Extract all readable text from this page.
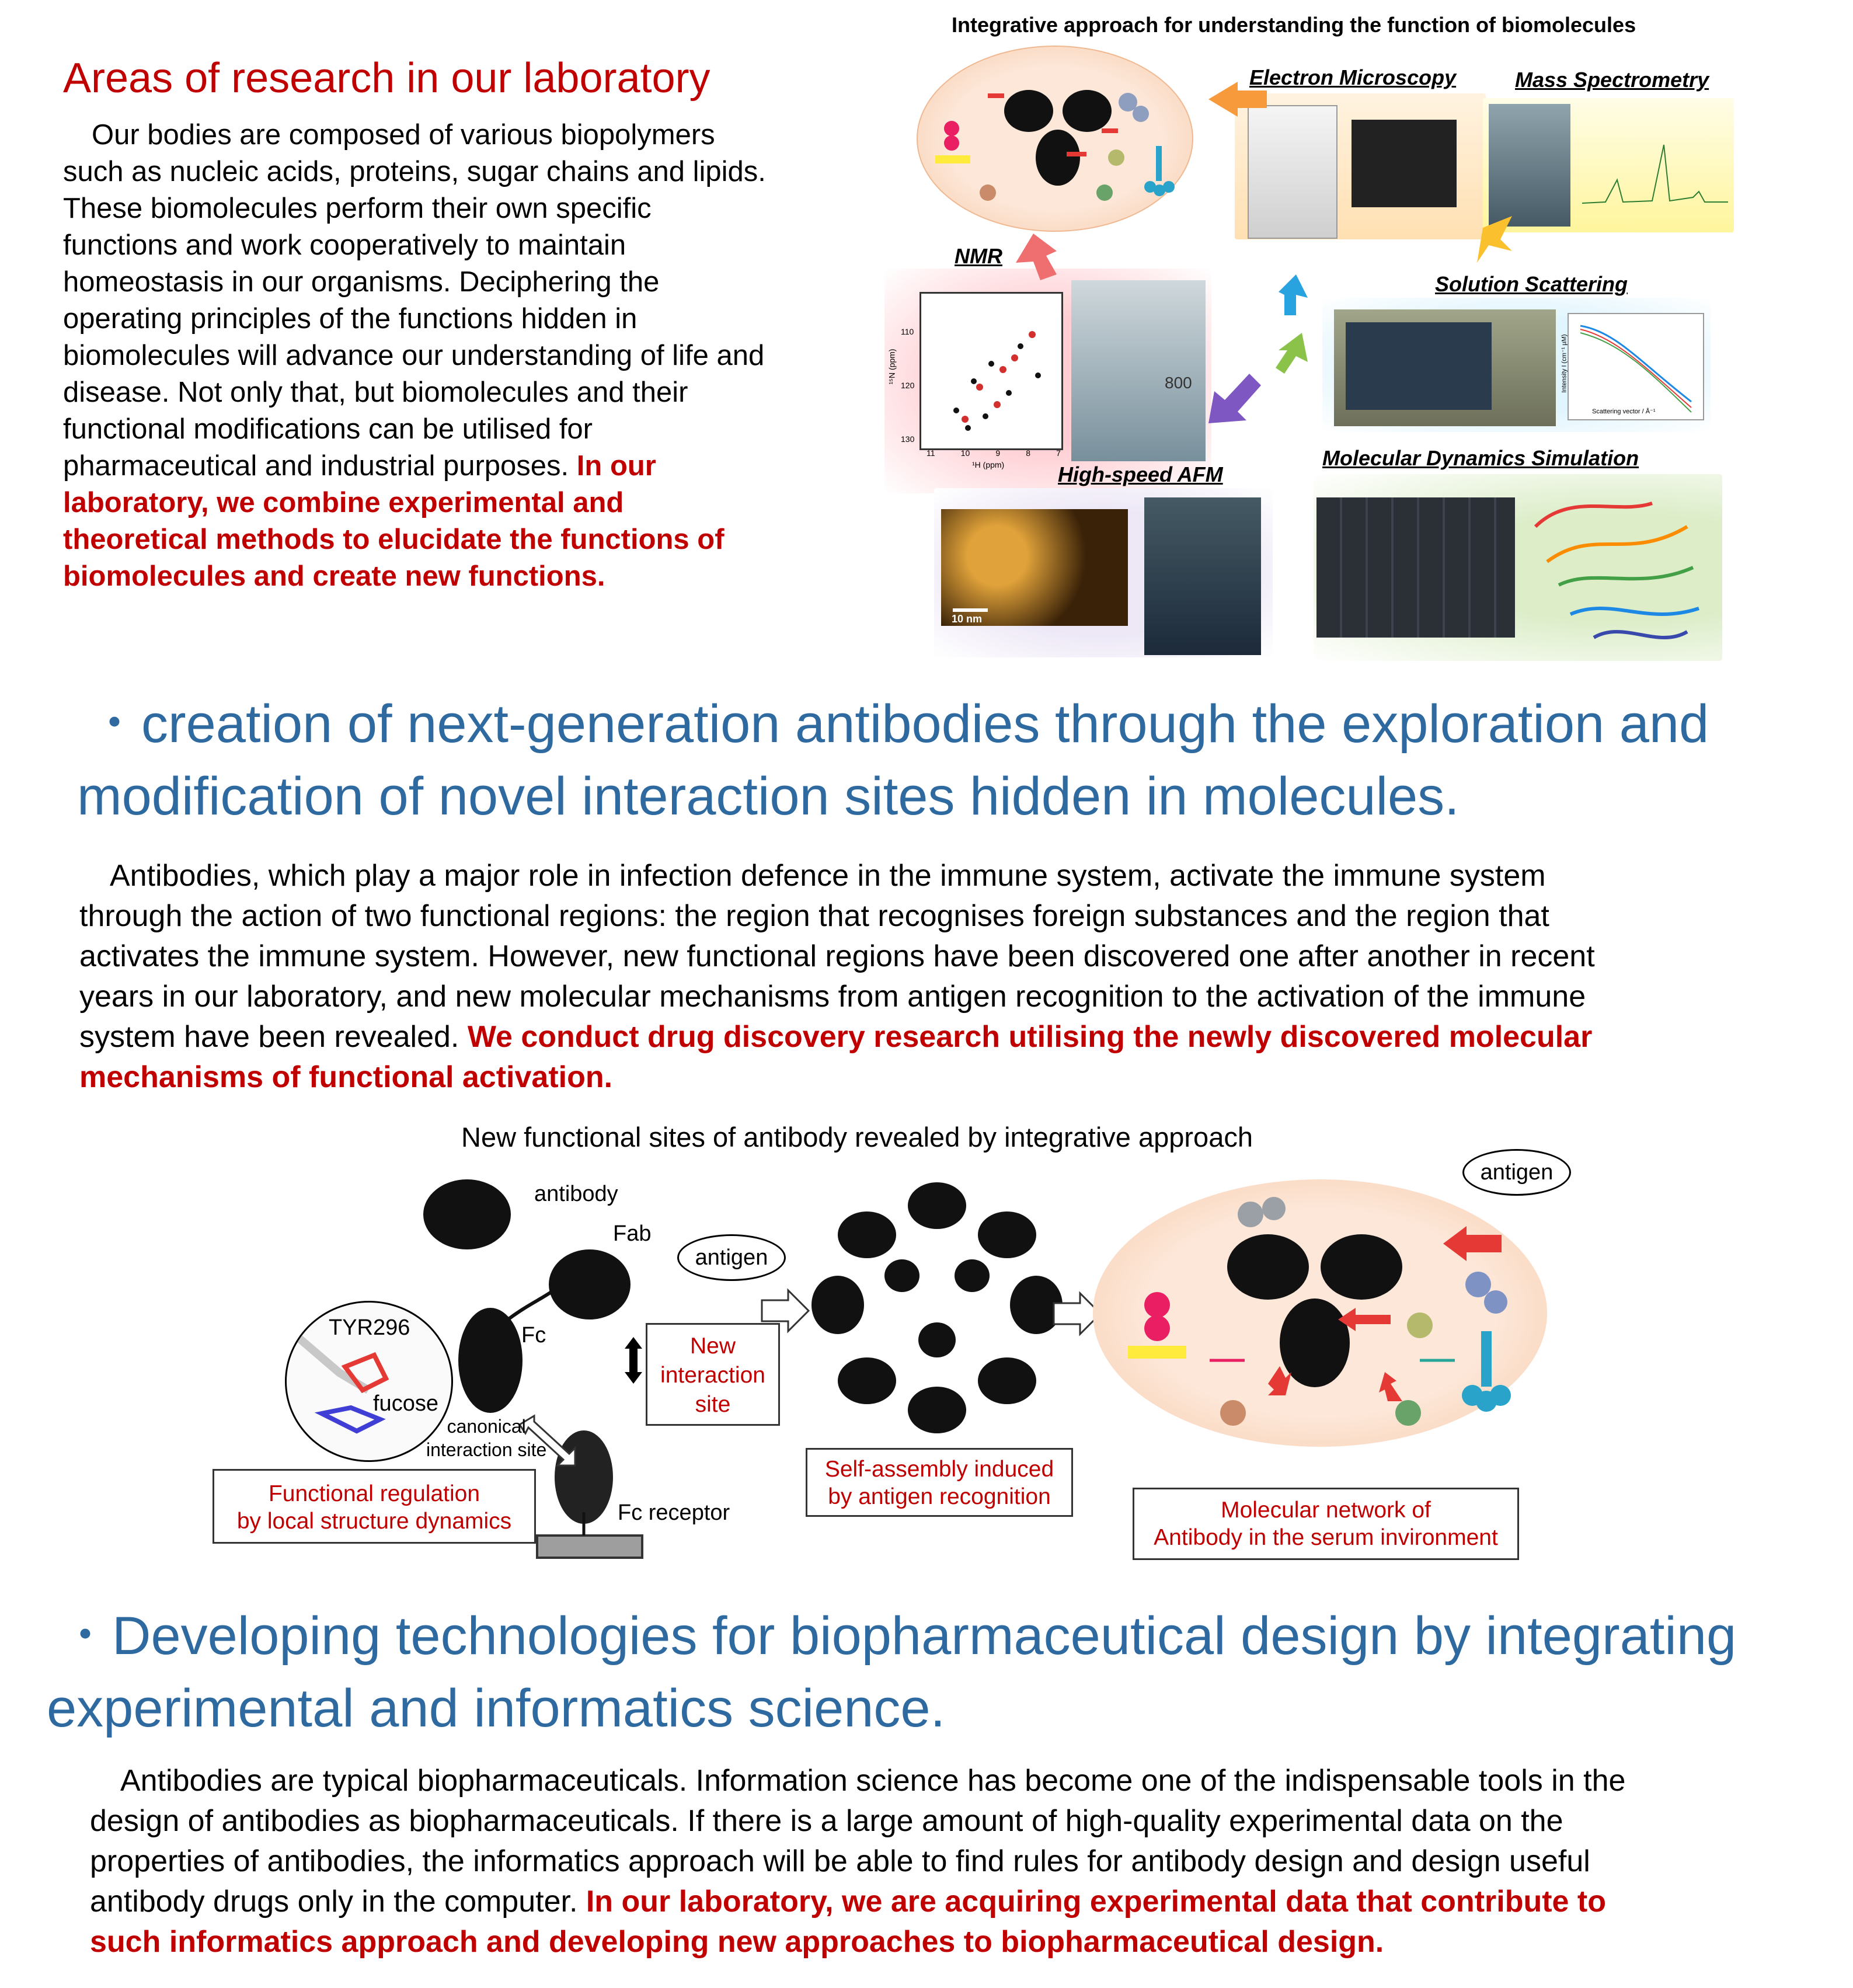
Areas of research in our laboratory
　Our bodies are composed of various biopolymers
such as nucleic acids, proteins, sugar chains and lipids.
These biomolecules perform their own specific
functions and work cooperatively to maintain
homeostasis in our organisms. Deciphering the
operating principles of the functions hidden in
biomolecules will advance our understanding of life and
disease. Not only that, but biomolecules and their
functional modifications can be utilised for
pharmaceutical and industrial purposes. In our
laboratory, we combine experimental and
theoretical methods to elucidate the functions of
biomolecules and create new functions.
Integrative approach for understanding the function of biomolecules
Electron Microscopy	Mass Spectrometry
NMR
110
120
130
¹⁵N (ppm)
11	10	9	8	7
¹H (ppm)
800
Solution Scattering
Scattering vector / Å⁻¹
Intensity I (cm⁻¹ µM)
High-speed AFM
10 nm
Molecular Dynamics Simulation
・creation of next-generation antibodies through the exploration and
modification of novel interaction sites hidden in molecules.
　Antibodies, which play a major role in infection defence in the immune system, activate the immune system
through the action of two functional regions: the region that recognises foreign substances and the region that
activates the immune system. However, new functional regions have been discovered one after another in recent
years in our laboratory, and new molecular mechanisms from antigen recognition to the activation of the immune
system have been revealed. We conduct drug discovery research utilising the newly discovered molecular
mechanisms of functional activation.
New functional sites of antibody revealed by integrative approach
antibody
Fab
Fc
antigen
TYR296
fucose
canonical
interaction site
Fc receptor
New
interaction
site
Functional regulation
by local structure dynamics
Self-assembly induced
by antigen recognition
antigen
Molecular network of
Antibody in the serum invironment
・Developing technologies for biopharmaceutical design by integrating
experimental and informatics science.
　Antibodies are typical biopharmaceuticals. Information science has become one of the indispensable tools in the
design of antibodies as biopharmaceuticals. If there is a large amount of high-quality experimental data on the
properties of antibodies, the informatics approach will be able to find rules for antibody design and design useful
antibody drugs only in the computer. In our laboratory, we are acquiring experimental data that contribute to
such informatics approach and developing new approaches to biopharmaceutical design.
